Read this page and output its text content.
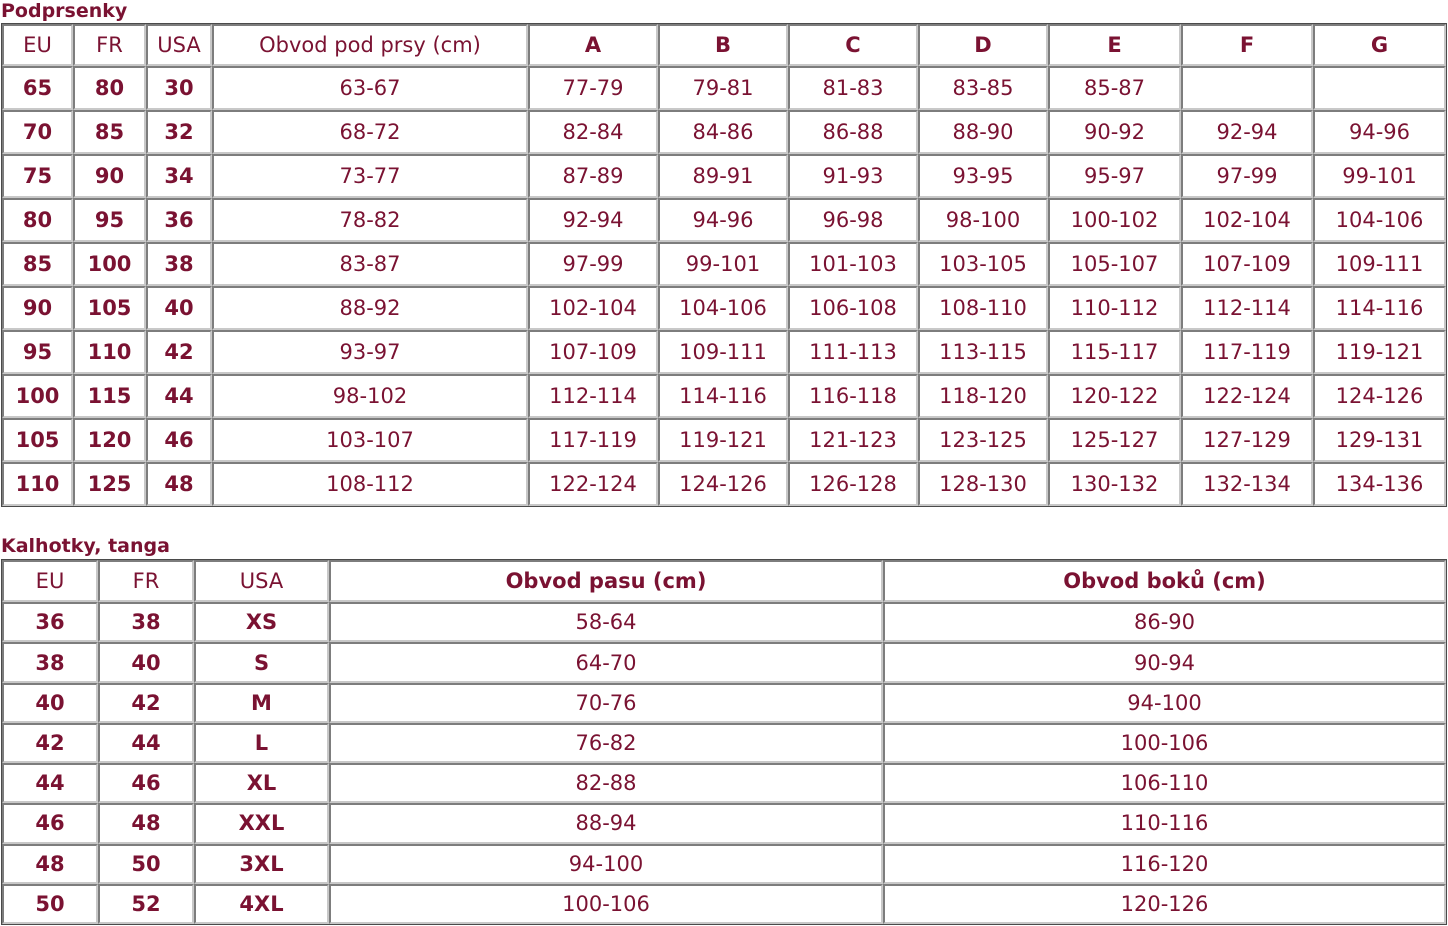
Podprsenky
EU	FR	USA	Obvod pod prsy (cm)	A	B	C	D	E	F	G
65	80	30	63-67	77-79	79-81	81-83	83-85	85-87		
70	85	32	68-72	82-84	84-86	86-88	88-90	90-92	92-94	94-96
75	90	34	73-77	87-89	89-91	91-93	93-95	95-97	97-99	99-101
80	95	36	78-82	92-94	94-96	96-98	98-100	100-102	102-104	104-106
85	100	38	83-87	97-99	99-101	101-103	103-105	105-107	107-109	109-111
90	105	40	88-92	102-104	104-106	106-108	108-110	110-112	112-114	114-116
95	110	42	93-97	107-109	109-111	111-113	113-115	115-117	117-119	119-121
100	115	44	98-102	112-114	114-116	116-118	118-120	120-122	122-124	124-126
105	120	46	103-107	117-119	119-121	121-123	123-125	125-127	127-129	129-131
110	125	48	108-112	122-124	124-126	126-128	128-130	130-132	132-134	134-136
Kalhotky, tanga
EU	FR	USA	Obvod pasu (cm)	Obvod boků (cm)
36	38	XS	58-64	86-90
38	40	S	64-70	90-94
40	42	M	70-76	94-100
42	44	L	76-82	100-106
44	46	XL	82-88	106-110
46	48	XXL	88-94	110-116
48	50	3XL	94-100	116-120
50	52	4XL	100-106	120-126
